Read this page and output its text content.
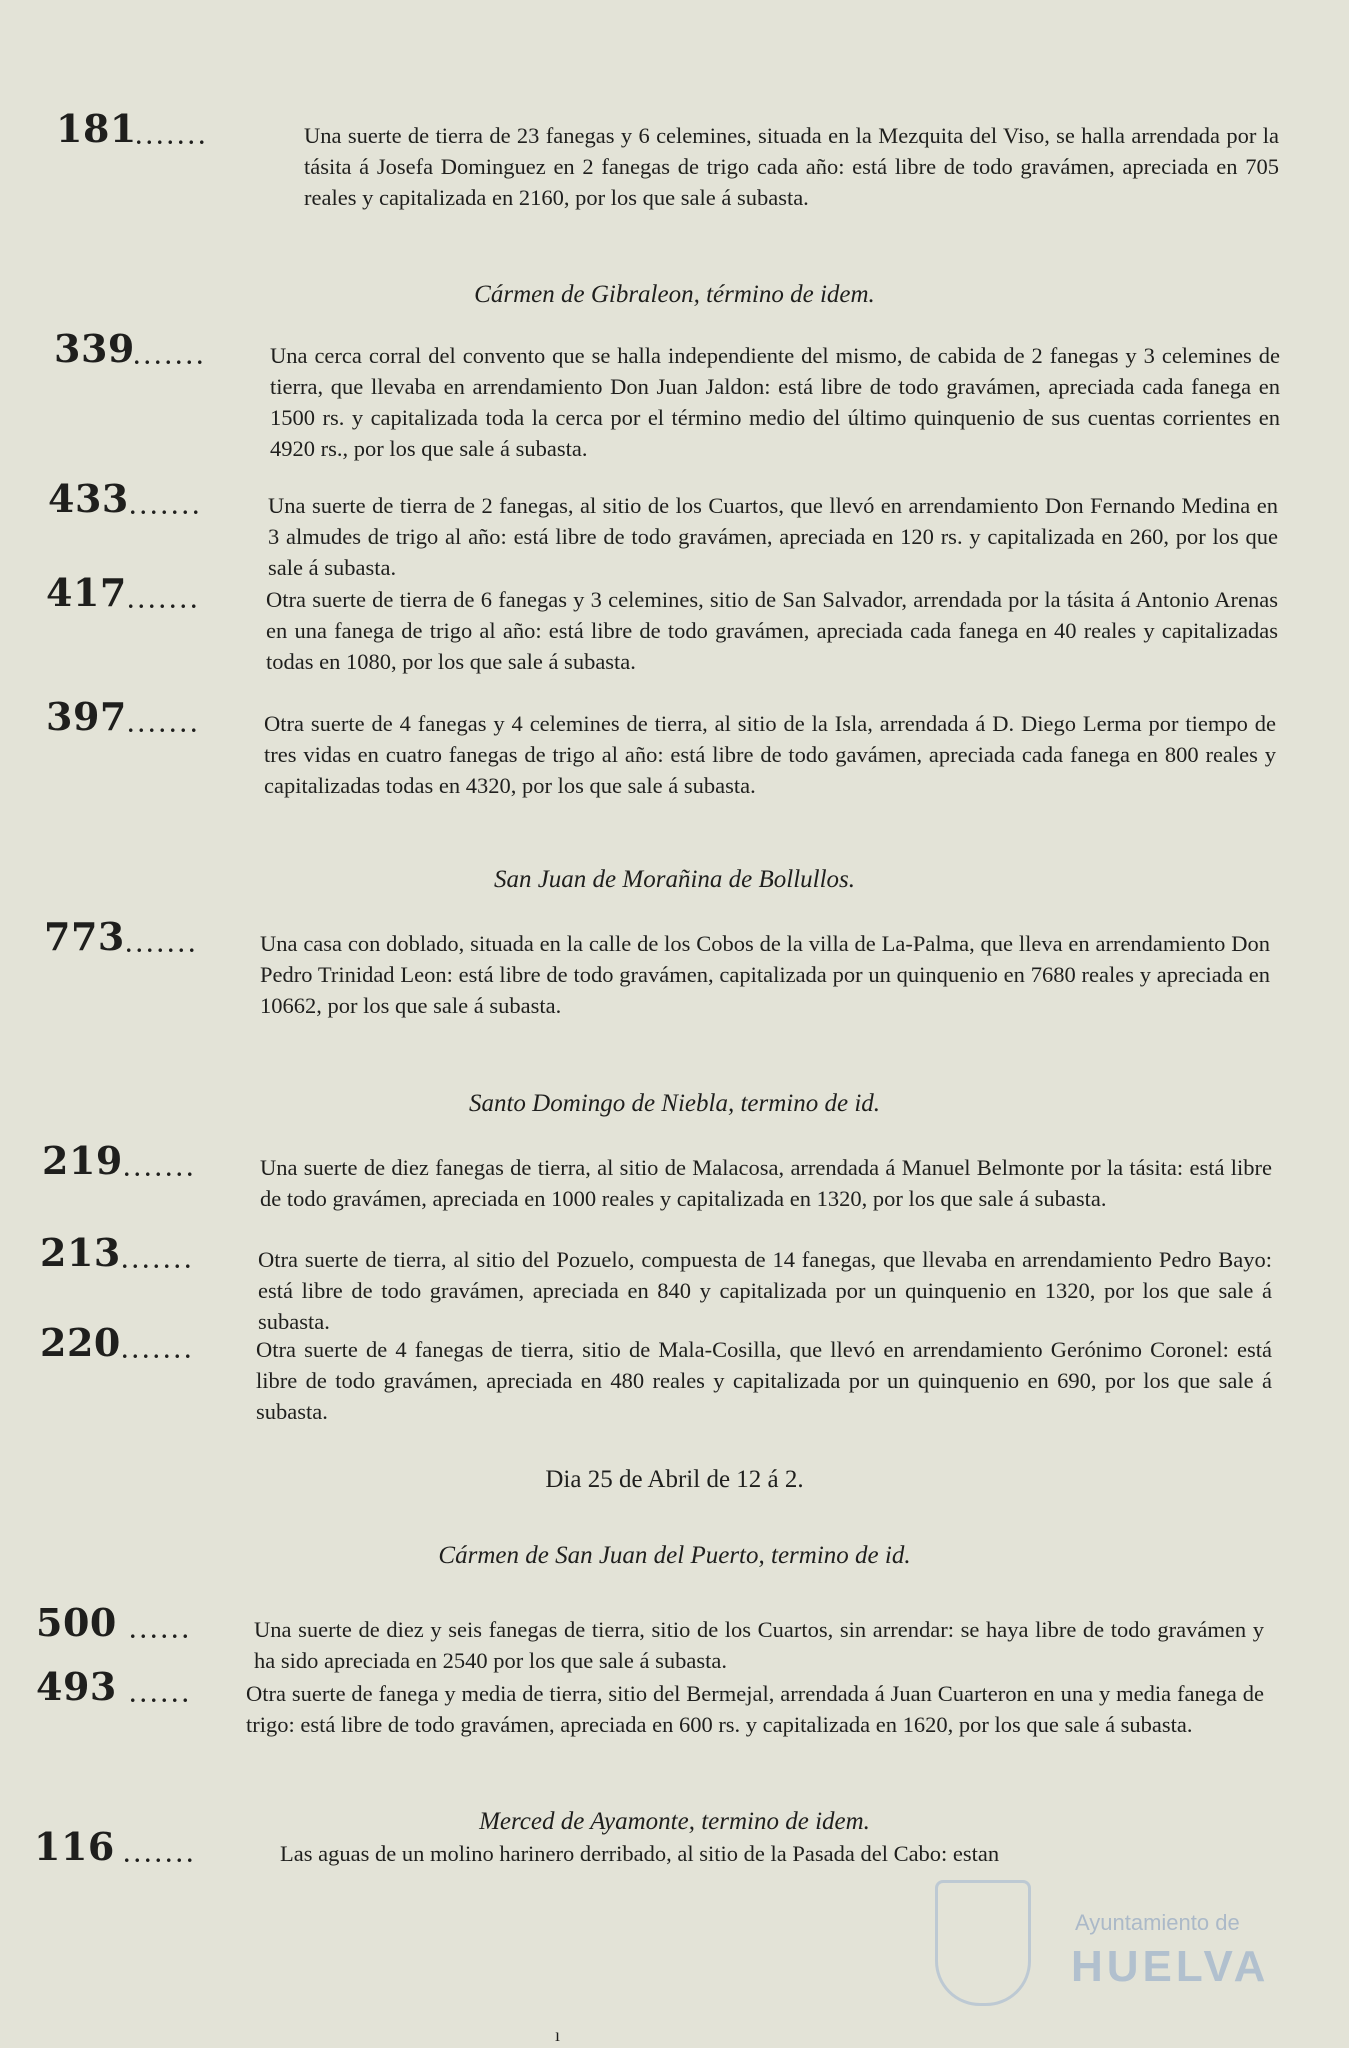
181 .......	Una suerte de tierra de 23 fanegas y 6 celemines, situada en la Mezquita del Viso, se halla arrendada por la tásita á Josefa Dominguez en 2 fanegas de trigo cada año: está libre de todo gravámen, apreciada en 705 reales y capitalizada en 2160, por los que sale á subasta.
Cármen de Gibraleon, término de idem.
339 .......	Una cerca corral del convento que se halla independiente del mismo, de cabida de 2 fanegas y 3 celemines de tierra, que llevaba en arrendamiento Don Juan Jaldon: está libre de todo gravámen, apreciada cada fanega en 1500 rs. y capitalizada toda la cerca por el término medio del último quinquenio de sus cuentas corrientes en 4920 rs., por los que sale á subasta.
433 .......	Una suerte de tierra de 2 fanegas, al sitio de los Cuartos, que llevó en arrendamiento Don Fernando Medina en 3 almudes de trigo al año: está libre de todo gravámen, apreciada en 120 rs. y capitalizada en 260, por los que sale á subasta.
417 .......	Otra suerte de tierra de 6 fanegas y 3 celemines, sitio de San Salvador, arrendada por la tásita á Antonio Arenas en una fanega de trigo al año: está libre de todo gravámen, apreciada cada fanega en 40 reales y capitalizadas todas en 1080, por los que sale á subasta.
397 .......	Otra suerte de 4 fanegas y 4 celemines de tierra, al sitio de la Isla, arrendada á D. Diego Lerma por tiempo de tres vidas en cuatro fanegas de trigo al año: está libre de todo gavámen, apreciada cada fanega en 800 reales y capitalizadas todas en 4320, por los que sale á subasta.
San Juan de Morañina de Bollullos.
773 .......	Una casa con doblado, situada en la calle de los Cobos de la villa de La-Palma, que lleva en arrendamiento Don Pedro Trinidad Leon: está libre de todo gravámen, capitalizada por un quinquenio en 7680 reales y apreciada en 10662, por los que sale á subasta.
Santo Domingo de Niebla, termino de id.
219 .......	Una suerte de diez fanegas de tierra, al sitio de Malacosa, arrendada á Manuel Belmonte por la tásita: está libre de todo gravámen, apreciada en 1000 reales y capitalizada en 1320, por los que sale á subasta.
213 .......	Otra suerte de tierra, al sitio del Pozuelo, compuesta de 14 fanegas, que llevaba en arrendamiento Pedro Bayo: está libre de todo gravámen, apreciada en 840 y capitalizada por un quinquenio en 1320, por los que sale á subasta.
220 .......	Otra suerte de 4 fanegas de tierra, sitio de Mala-Cosilla, que llevó en arrendamiento Gerónimo Coronel: está libre de todo gravámen, apreciada en 480 reales y capitalizada por un quinquenio en 690, por los que sale á subasta.
Dia 25 de Abril de 12 á 2.
Cármen de San Juan del Puerto, termino de id.
500 ......	Una suerte de diez y seis fanegas de tierra, sitio de los Cuartos, sin arrendar: se haya libre de todo gravámen y ha sido apreciada en 2540 por los que sale á subasta.
493 ...... Otra suerte de fanega y media de tierra, sitio del Bermejal, arrendada á Juan Cuarteron en una y media fanega de trigo: está libre de todo gravámen, apreciada en 600 rs. y capitalizada en 1620, por los que sale á subasta.
Merced de Ayamonte, termino de idem.
116 .......	Las aguas de un molino harinero derribado, al sitio de la Pasada del Cabo: estan
Ayuntamiento de
HUELVA
ı
